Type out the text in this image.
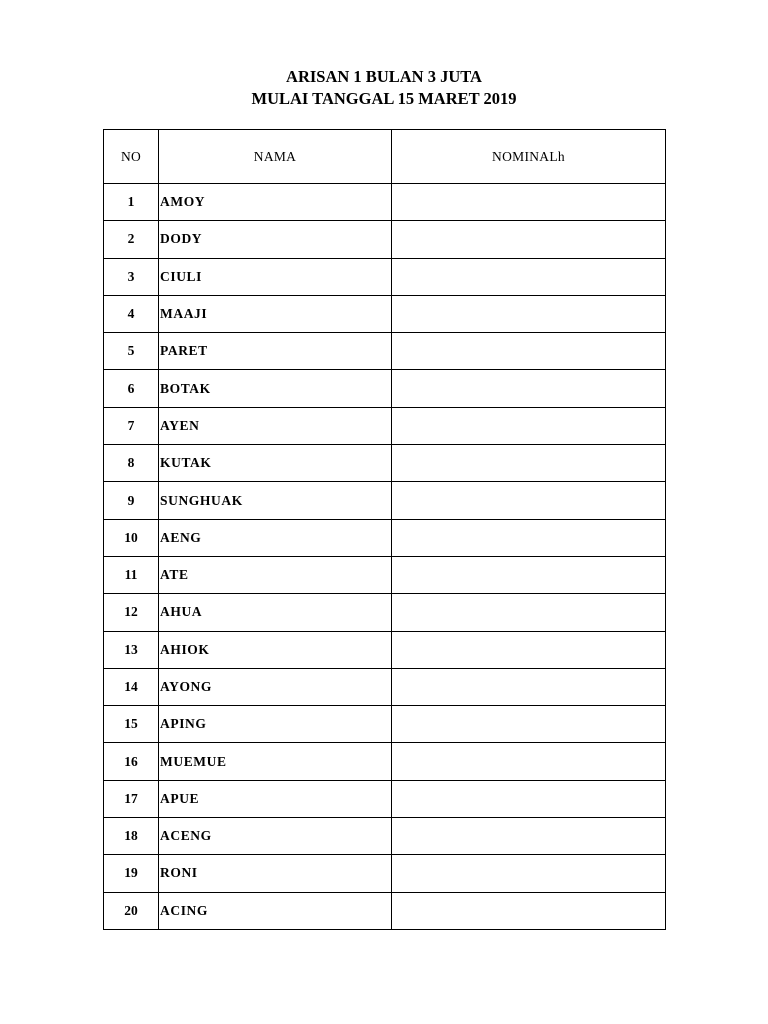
ARISAN 1 BULAN 3 JUTA
MULAI TANGGAL 15 MARET 2019
NO	NAMA	NOMINALh
1	AMOY	
2	DODY	
3	CIULI	
4	MAAJI	
5	PARET	
6	BOTAK	
7	AYEN	
8	KUTAK	
9	SUNGHUAK	
10	AENG	
11	ATE	
12	AHUA	
13	AHIOK	
14	AYONG	
15	APING	
16	MUEMUE	
17	APUE	
18	ACENG	
19	RONI	
20	ACING	
